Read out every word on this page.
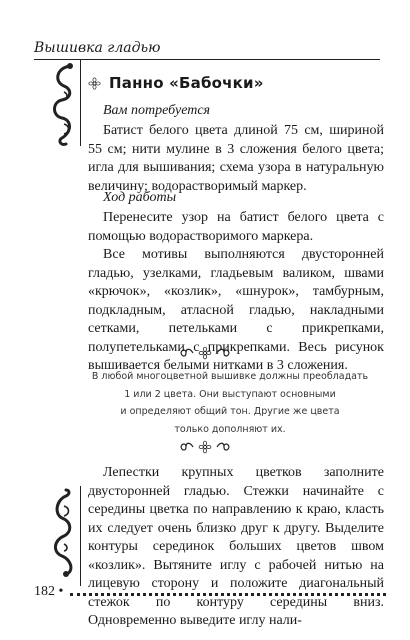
Вышивка гладью
Панно «Бабочки»
Вам потребуется
Батист белого цвета длиной 75 см, шириной 55 см; нити мулине в 3 сложения белого цвета; игла для вышивания; схема узора в натуральную величину; водорастворимый маркер.
Ход работы
Перенесите узор на батист белого цвета с помощью водорастворимого маркера.
Все мотивы выполняются двусторонней гладью, узелками, гладьевым валиком, швами «крючок», «козлик», «шнурок», тамбурным, подкладным, атласной гладью, накладными сетками, петельками с прикрепками, полупетельками с прикрепками. Весь рисунок вышивается белыми нитками в 3 сложения.
В любой многоцветной вышивке должны преобладать
1 или 2 цвета. Они выступают основными
и определяют общий тон. Другие же цвета
только дополняют их.
Лепестки крупных цветков заполните двусторонней гладью. Стежки начинайте с середины цветка по направлению к краю, класть их следует очень близко друг к другу. Выделите контуры серединок больших цветов швом «козлик». Вытяните иглу с рабочей нитью на лицевую сторону и положите диагональный стежок по контуру середины вниз. Одновременно выведите иглу нали-
182 •
